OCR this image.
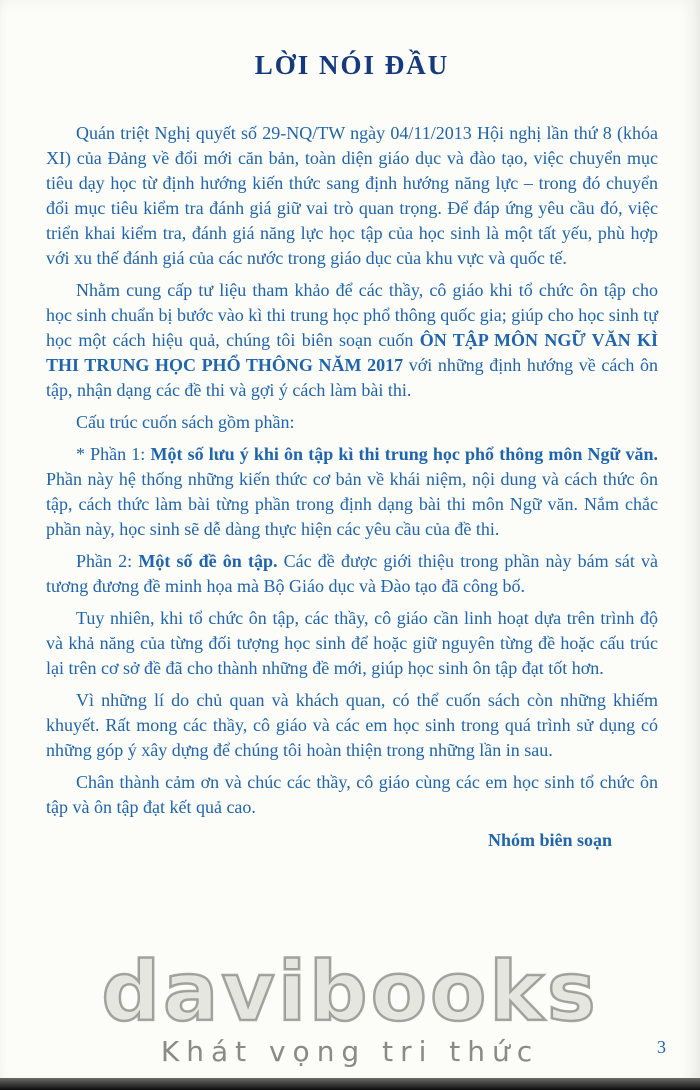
LỜI NÓI ĐẦU

Quán triệt Nghị quyết số 29-NQ/TW ngày 04/11/2013 Hội nghị lần thứ 8 (khóa XI) của Đảng về đổi mới căn bản, toàn diện giáo dục và đào tạo, việc chuyển mục tiêu dạy học từ định hướng kiến thức sang định hướng năng lực – trong đó chuyển đổi mục tiêu kiểm tra đánh giá giữ vai trò quan trọng. Để đáp ứng yêu cầu đó, việc triển khai kiểm tra, đánh giá năng lực học tập của học sinh là một tất yếu, phù hợp với xu thế đánh giá của các nước trong giáo dục của khu vực và quốc tế.

Nhằm cung cấp tư liệu tham khảo để các thầy, cô giáo khi tổ chức ôn tập cho học sinh chuẩn bị bước vào kì thi trung học phổ thông quốc gia; giúp cho học sinh tự học một cách hiệu quả, chúng tôi biên soạn cuốn ÔN TẬP MÔN NGỮ VĂN KÌ THI TRUNG HỌC PHỔ THÔNG NĂM 2017 với những định hướng về cách ôn tập, nhận dạng các đề thi và gợi ý cách làm bài thi.

Cấu trúc cuốn sách gồm phần:

* Phần 1: Một số lưu ý khi ôn tập kì thi trung học phổ thông môn Ngữ văn. Phần này hệ thống những kiến thức cơ bản về khái niệm, nội dung và cách thức ôn tập, cách thức làm bài từng phần trong định dạng bài thi môn Ngữ văn. Nắm chắc phần này, học sinh sẽ dễ dàng thực hiện các yêu cầu của đề thi.

Phần 2: Một số đề ôn tập. Các đề được giới thiệu trong phần này bám sát và tương đương đề minh họa mà Bộ Giáo dục và Đào tạo đã công bố.

Tuy nhiên, khi tổ chức ôn tập, các thầy, cô giáo cần linh hoạt dựa trên trình độ và khả năng của từng đối tượng học sinh để hoặc giữ nguyên từng đề hoặc cấu trúc lại trên cơ sở đề đã cho thành những đề mới, giúp học sinh ôn tập đạt tốt hơn.

Vì những lí do chủ quan và khách quan, có thể cuốn sách còn những khiếm khuyết. Rất mong các thầy, cô giáo và các em học sinh trong quá trình sử dụng có những góp ý xây dựng để chúng tôi hoàn thiện trong những lần in sau.

Chân thành cảm ơn và chúc các thầy, cô giáo cùng các em học sinh tổ chức ôn tập và ôn tập đạt kết quả cao.

Nhóm biên soạn
davibooks
Khát vọng tri thức	3
